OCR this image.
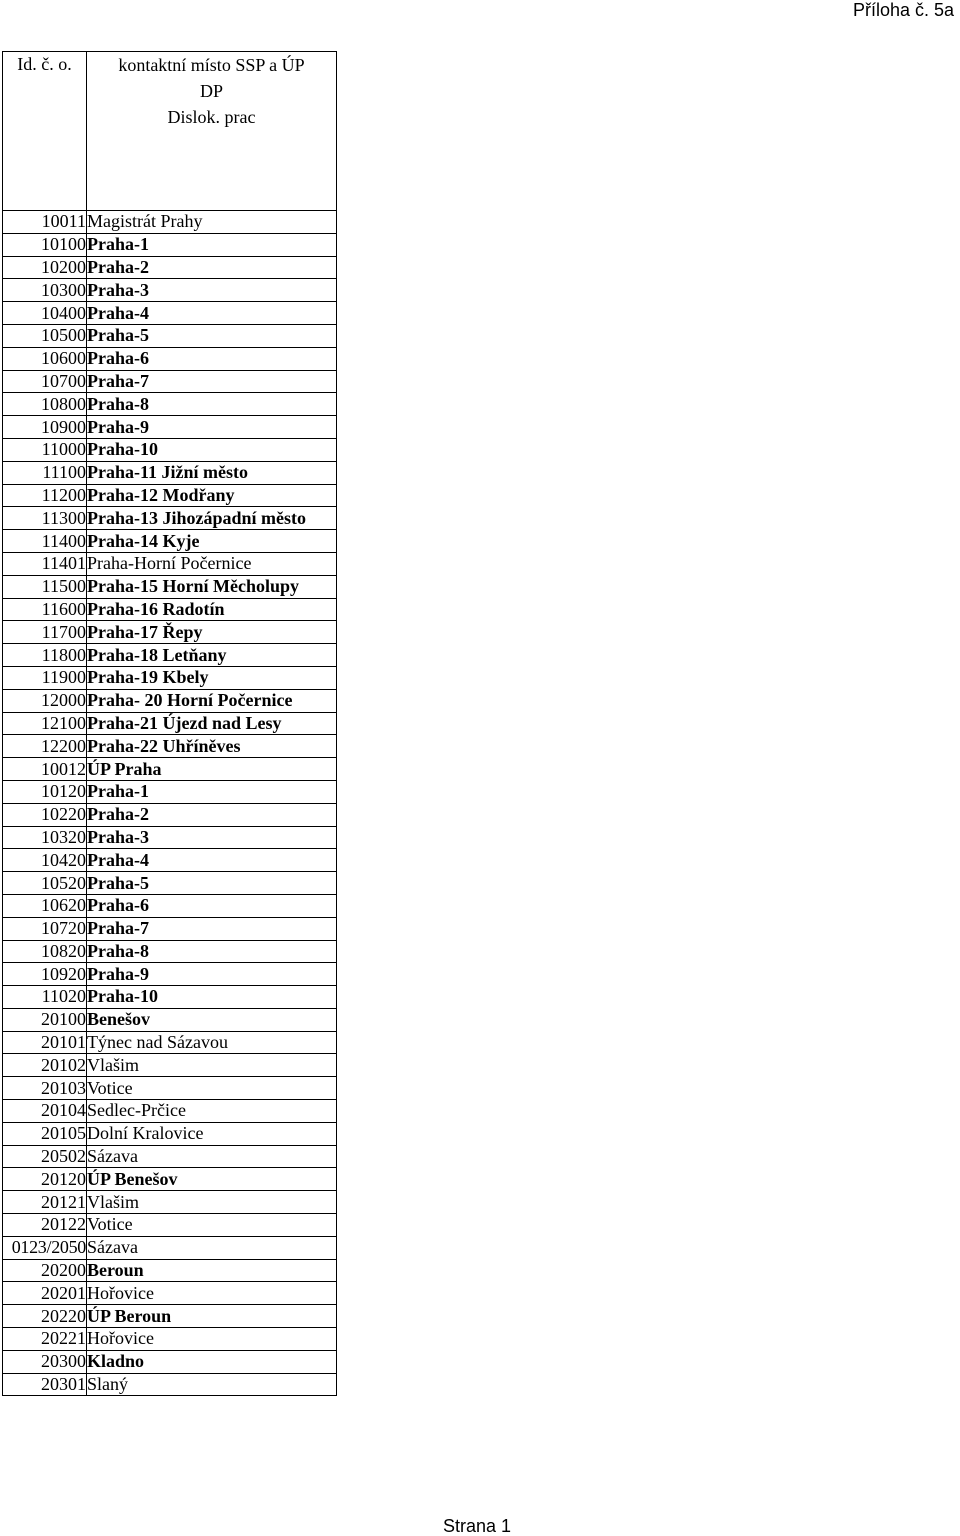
Příloha č. 5a
Id. č. o.	kontaktní místo SSP a ÚP
DP
Dislok. prac

10011	Magistrát Prahy
10100	Praha-1
10200	Praha-2
10300	Praha-3
10400	Praha-4
10500	Praha-5
10600	Praha-6
10700	Praha-7
10800	Praha-8
10900	Praha-9
11000	Praha-10
11100	Praha-11 Jižní město
11200	Praha-12 Modřany
11300	Praha-13 Jihozápadní město
11400	Praha-14 Kyje
11401	Praha-Horní Počernice
11500	Praha-15 Horní Měcholupy
11600	Praha-16 Radotín
11700	Praha-17 Řepy
11800	Praha-18 Letňany
11900	Praha-19 Kbely
12000	Praha- 20 Horní Počernice
12100	Praha-21 Újezd nad Lesy
12200	Praha-22 Uhříněves
10012	ÚP Praha
10120	Praha-1
10220	Praha-2
10320	Praha-3
10420	Praha-4
10520	Praha-5
10620	Praha-6
10720	Praha-7
10820	Praha-8
10920	Praha-9
11020	Praha-10
20100	Benešov
20101	Týnec nad Sázavou
20102	Vlašim
20103	Votice
20104	Sedlec-Prčice
20105	Dolní Kralovice
20502	Sázava
20120	ÚP Benešov
20121	Vlašim
20122	Votice
0123/2050	Sázava
20200	Beroun
20201	Hořovice
20220	ÚP Beroun
20221	Hořovice
20300	Kladno
20301	Slaný
Strana 1
